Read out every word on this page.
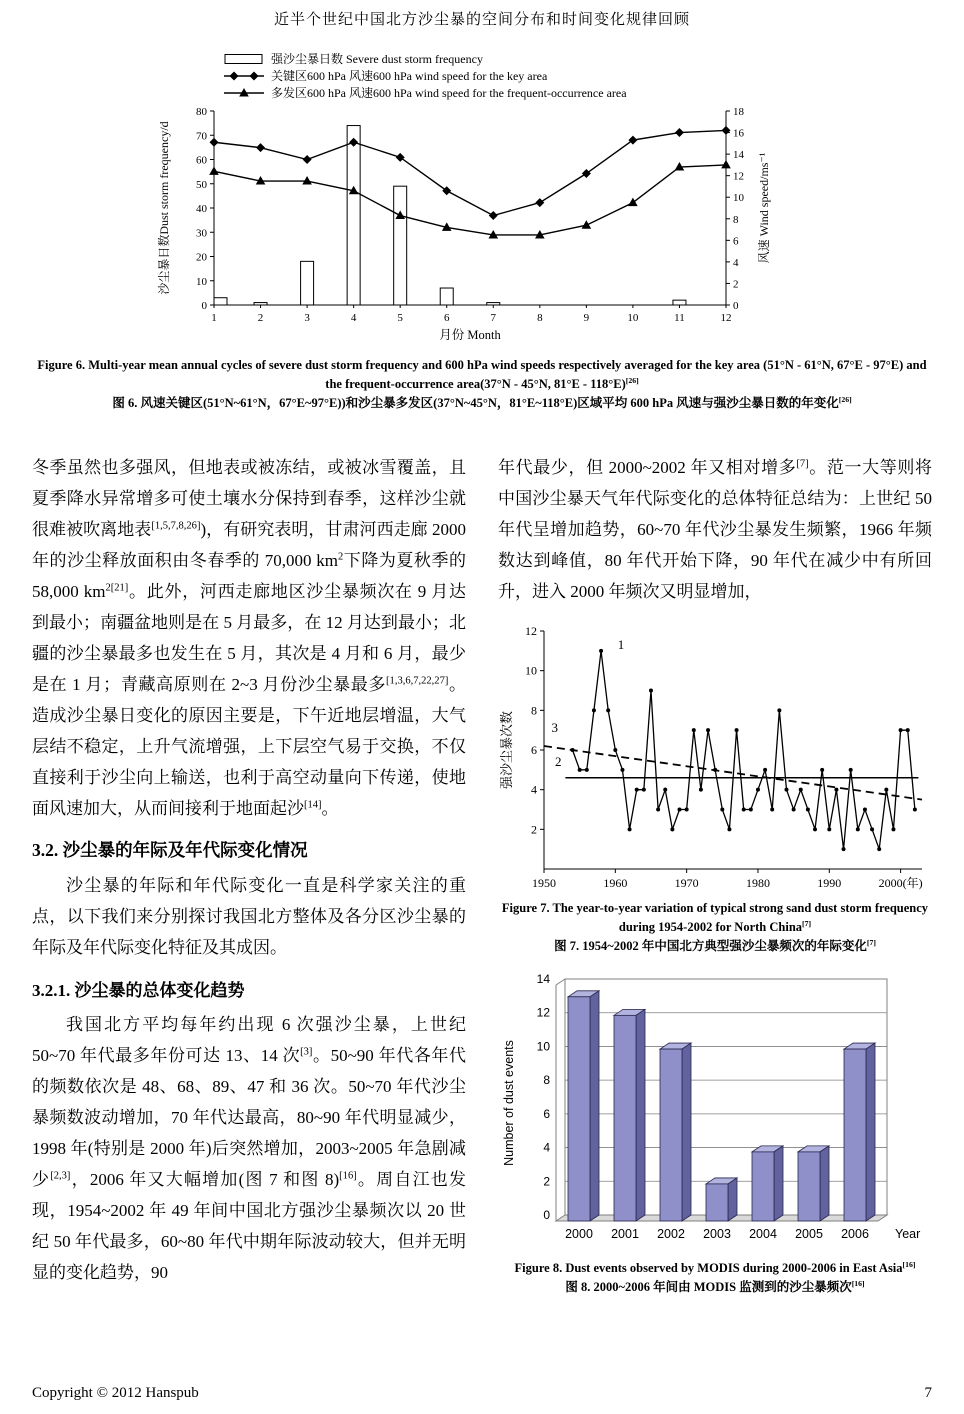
近半个世纪中国北方沙尘暴的空间分布和时间变化规律回顾
强沙尘暴日数 Severe dust storm frequency
关键区600 hPa 风速600 hPa wind speed for the key area
多发区600 hPa 风速600 hPa wind speed for the frequent-occurrence area
0
10
20
30
40
50
60
70
80
0
2
4
6
8
10
12
14
16
18
1	2	3	4	5	6	7	8	9	10	11	12
沙尘暴日数Dust storm frequency/d	风速 Wind speed/ms⁻¹
月份 Month
Figure 6. Multi-year mean annual cycles of severe dust storm frequency and 600 hPa wind speeds respectively averaged for the key area (51°N - 61°N, 67°E - 97°E) and the frequent-occurrence area(37°N - 45°N, 81°E - 118°E)[26]
图 6. 风速关键区(51°N~61°N，67°E~97°E))和沙尘暴多发区(37°N~45°N，81°E~118°E)区域平均 600 hPa 风速与强沙尘暴日数的年变化[26]

冬季虽然也多强风，但地表或被冻结，或被冰雪覆盖，且夏季降水异常增多可使土壤水分保持到春季，这样沙尘就很难被吹离地表[1,5,7,8,26])，有研究表明，甘肃河西走廊 2000 年的沙尘释放面积由冬春季的 70,000 $km^2$下降为夏秋季的 58,000 $km^{2[21]}$。此外，河西走廊地区沙尘暴频次在 9 月达到最小；南疆盆地则是在 5 月最多，在 12 月达到最小；北疆的沙尘暴最多也发生在 5 月，其次是 4 月和 6 月，最少是在 1 月；青藏高原则在 2~3 月份沙尘暴最多[1,3,6,7,22,27]。造成沙尘暴日变化的原因主要是，下午近地层增温，大气层结不稳定，上升气流增强，上下层空气易于交换，不仅直接利于沙尘向上输送，也利于高空动量向下传递，使地面风速加大，从而间接利于地面起沙[14]。

3.2. 沙尘暴的年际及年代际变化情况

沙尘暴的年际和年代际变化一直是科学家关注的重点，以下我们来分别探讨我国北方整体及各分区沙尘暴的年际及年代际变化特征及其成因。

3.2.1. 沙尘暴的总体变化趋势

我国北方平均每年约出现 6 次强沙尘暴，上世纪 50~70 年代最多年份可达 13、14 次[3]。50~90 年代各年代的频数依次是 48、68、89、47 和 36 次。50~70 年代沙尘暴频数波动增加，70 年代达最高，80~90 年代明显减少，1998 年(特别是 2000 年)后突然增加，2003~2005 年急剧减少[2,3]，2006 年又大幅增加(图 7 和图 8)[16]。周自江也发现，1954~2002 年 49 年间中国北方强沙尘暴频次以 20 世纪 50 年代最多，60~80 年代中期年际波动较大，但并无明显的变化趋势，90

年代最少，但 2000~2002 年又相对增多[7]。范一大等则将中国沙尘暴天气年代际变化的总体特征总结为：上世纪 50 年代呈增加趋势，60~70 年代沙尘暴发生频繁，1966 年频数达到峰值，80 年代开始下降，90 年代在减少中有所回升，进入 2000 年频次又明显增加，

2
4
6
8
10
12
1950	1960	1970	1980	1990	2000(年)
1
3
2
强沙尘暴次数
Figure 7. The year-to-year variation of typical strong sand dust storm frequency during 1954-2002 for North China[7]
图 7. 1954~2002 年中国北方典型强沙尘暴频次的年际变化[7]
0
2
4
6
8
10
12
14
2000 2001 2002 2003 2004 2005 2006 Year
Number of dust events
Figure 8. Dust events observed by MODIS during 2000-2006 in East Asia[16]
图 8. 2000~2006 年间由 MODIS 监测到的沙尘暴频次[16]
Copyright © 2012 Hanspub	7
